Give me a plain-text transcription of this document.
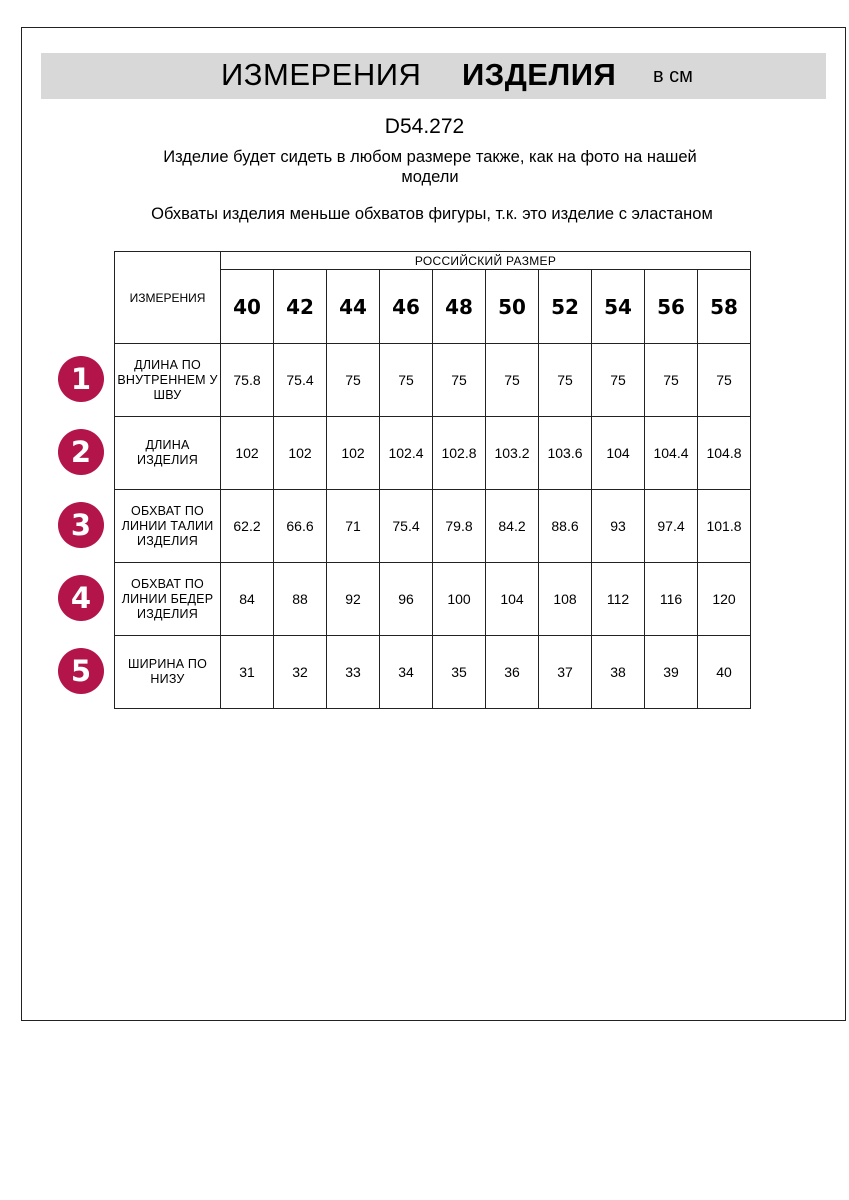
ИЗМЕРЕНИЯ ИЗДЕЛИЯ в см
D54.272
Изделие будет сидеть в любом размере также, как на фото на нашей модели
Обхваты изделия меньше обхватов фигуры, т.к. это изделие с эластаном
ИЗМЕРЕНИЯ	РОССИЙСКИЙ РАЗМЕР									
	40	42	44	46	48	50	52	54	56	58
ДЛИНА ПО ВНУТРЕННЕМ У ШВУ	75.8	75.4	75	75	75	75	75	75	75	75
ДЛИНА ИЗДЕЛИЯ	102	102	102	102.4	102.8	103.2	103.6	104	104.4	104.8
ОБХВАТ ПО ЛИНИИ ТАЛИИ ИЗДЕЛИЯ	62.2	66.6	71	75.4	79.8	84.2	88.6	93	97.4	101.8
ОБХВАТ ПО ЛИНИИ БЕДЕР ИЗДЕЛИЯ	84	88	92	96	100	104	108	112	116	120
ШИРИНА ПО НИЗУ	31	32	33	34	35	36	37	38	39	40
1
2
3
4
5
